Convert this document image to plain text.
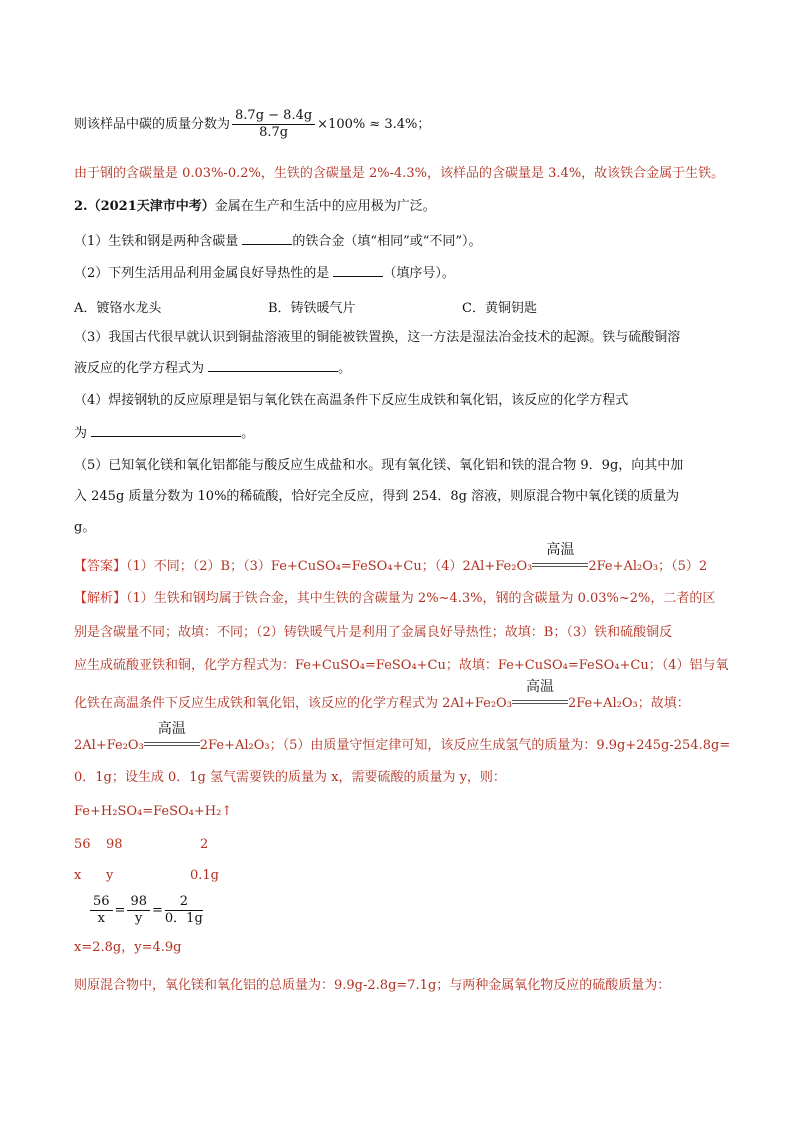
则该样品中碳的质量分数为 $\frac{8.7g - 8.4g}{8.7g} \times 100\% \approx 3.4\%$；
由于钢的含碳量是 0.03%-0.2%，生铁的含碳量是 2%-4.3%，该样品的含碳量是 3.4%，故该铁合金属于生铁。
2.（2021天津市中考）金属在生产和生活中的应用极为广泛。
（1）生铁和钢是两种含碳量	的铁合金（填“相同”或“不同”）。
（2）下列生活用品利用金属良好导热性的是	（填序号）。
A．镀铬水龙头	B．铸铁暖气片	C．黄铜钥匙
（3）我国古代很早就认识到铜盐溶液里的铜能被铁置换，这一方法是湿法冶金技术的起源。铁与硫酸铜溶
液反应的化学方程式为	。
（4）焊接钢轨的反应原理是铝与氧化铁在高温条件下反应生成铁和氧化铝，该反应的化学方程式
为	。
（5）已知氧化镁和氧化铝都能与酸反应生成盐和水。现有氧化镁、氧化铝和铁的混合物 9．9g，向其中加
入 245g 质量分数为 10%的稀硫酸，恰好完全反应，得到 254．8g 溶液，则原混合物中氧化镁的质量为
g。
【答案】（1）不同；（2）B；（3）Fe+CuSO₄=FeSO₄+Cu；（4）2Al+Fe₂O₃
高温
2Fe+Al₂O₃；（5）2
【解析】（1）生铁和钢均属于铁合金，其中生铁的含碳量为 2%~4.3%，钢的含碳量为 0.03%~2%，二者的区
别是含碳量不同；故填：不同；（2）铸铁暖气片是利用了金属良好导热性；故填：B；（3）铁和硫酸铜反
应生成硫酸亚铁和铜，化学方程式为：Fe+CuSO₄=FeSO₄+Cu；故填：Fe+CuSO₄=FeSO₄+Cu；（4）铝与氧
化铁在高温条件下反应生成铁和氧化铝，该反应的化学方程式为 2Al+Fe₂O₃
高温
2Fe+Al₂O₃；故填：
2Al+Fe₂O₃
高温
2Fe+Al₂O₃；（5）由质量守恒定律可知，该反应生成氢气的质量为：9.9g+245g-254.8g=
0．1g；设生成 0．1g 氢气需要铁的质量为 x，需要硫酸的质量为 y，则：
Fe+H₂SO₄=FeSO₄+H₂↑
56 98	2
x y	0.1g
$\frac{56}{x} = \frac{98}{y} = \frac{2}{0.1g}$
x=2.8g，y=4.9g
则原混合物中，氧化镁和氧化铝的总质量为：9.9g-2.8g=7.1g；与两种金属氧化物反应的硫酸质量为：
